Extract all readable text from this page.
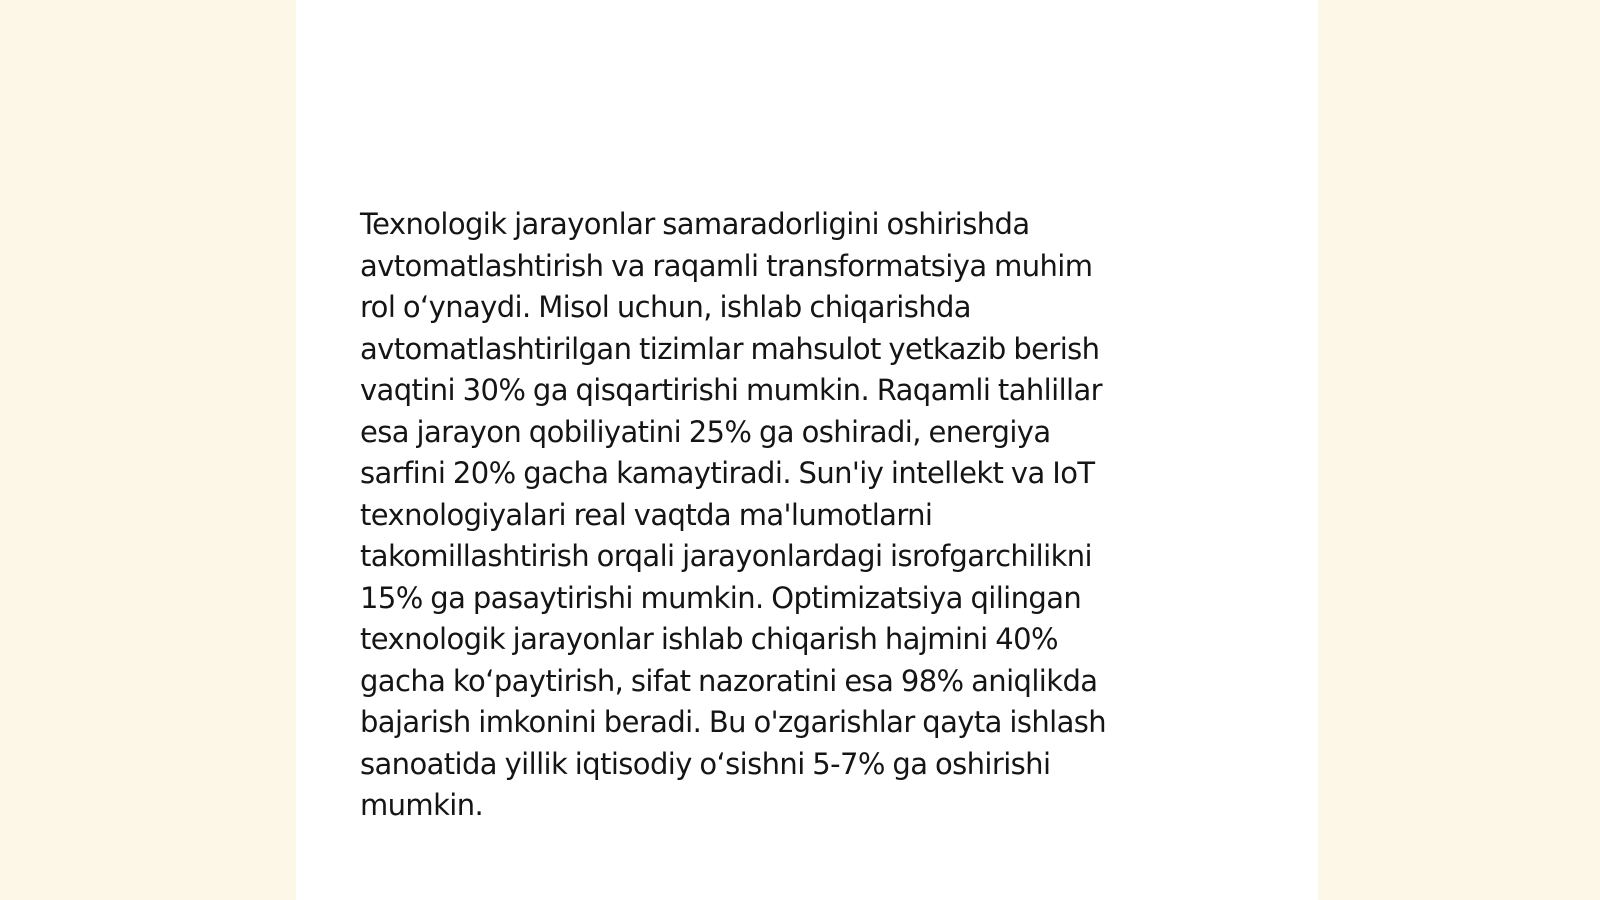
Texnologik jarayonlar samaradorligini oshirishda
avtomatlashtirish va raqamli transformatsiya muhim
rol o‘ynaydi. Misol uchun, ishlab chiqarishda
avtomatlashtirilgan tizimlar mahsulot yetkazib berish
vaqtini 30% ga qisqartirishi mumkin. Raqamli tahlillar
esa jarayon qobiliyatini 25% ga oshiradi, energiya
sarfini 20% gacha kamaytiradi. Sun'iy intellekt va IoT
texnologiyalari real vaqtda ma'lumotlarni
takomillashtirish orqali jarayonlardagi isrofgarchilikni
15% ga pasaytirishi mumkin. Optimizatsiya qilingan
texnologik jarayonlar ishlab chiqarish hajmini 40%
gacha ko‘paytirish, sifat nazoratini esa 98% aniqlikda
bajarish imkonini beradi. Bu o'zgarishlar qayta ishlash
sanoatida yillik iqtisodiy o‘sishni 5-7% ga oshirishi
mumkin.
